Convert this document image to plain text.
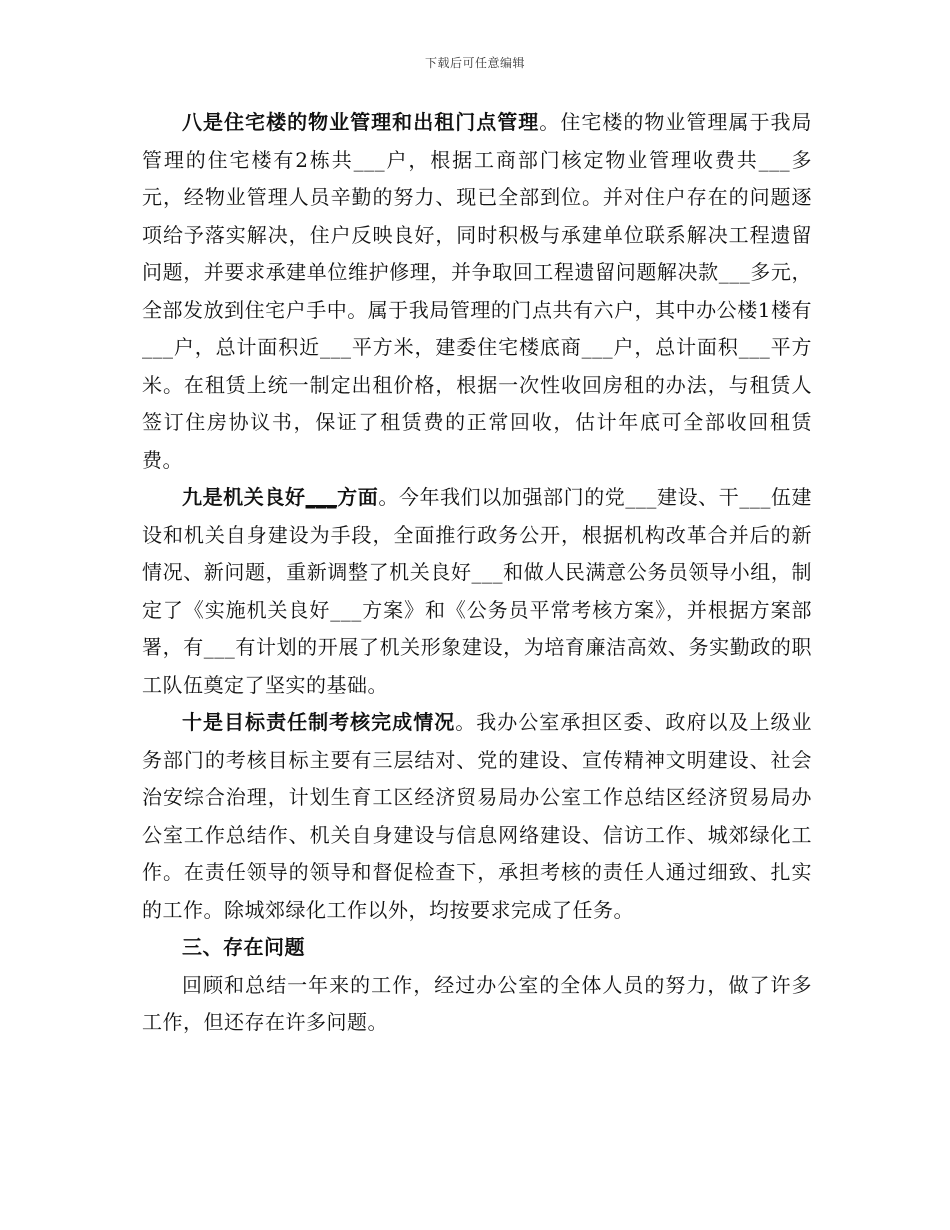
下载后可任意编辑

八是住宅楼的物业管理和出租门点管理。住宅楼的物业管理属于我局管理的住宅楼有2栋共___户，根据工商部门核定物业管理收费共___多元，经物业管理人员辛勤的努力、现已全部到位。并对住户存在的问题逐项给予落实解决，住户反映良好，同时积极与承建单位联系解决工程遗留问题，并要求承建单位维护修理，并争取回工程遗留问题解决款___多元，全部发放到住宅户手中。属于我局管理的门点共有六户，其中办公楼1楼有___户，总计面积近___平方米，建委住宅楼底商___户，总计面积___平方米。在租赁上统一制定出租价格，根据一次性收回房租的办法，与租赁人签订住房协议书，保证了租赁费的正常回收，估计年底可全部收回租赁费。

九是机关良好___方面。今年我们以加强部门的党___建设、干___伍建设和机关自身建设为手段，全面推行政务公开，根据机构改革合并后的新情况、新问题，重新调整了机关良好___和做人民满意公务员领导小组，制定了《实施机关良好___方案》和《公务员平常考核方案》，并根据方案部署，有___有计划的开展了机关形象建设，为培育廉洁高效、务实勤政的职工队伍奠定了坚实的基础。

十是目标责任制考核完成情况。我办公室承担区委、政府以及上级业务部门的考核目标主要有三层结对、党的建设、宣传精神文明建设、社会治安综合治理，计划生育工区经济贸易局办公室工作总结区经济贸易局办公室工作总结作、机关自身建设与信息网络建设、信访工作、城郊绿化工作。在责任领导的领导和督促检查下，承担考核的责任人通过细致、扎实的工作。除城郊绿化工作以外，均按要求完成了任务。

三、存在问题

回顾和总结一年来的工作，经过办公室的全体人员的努力，做了许多工作，但还存在许多问题。
